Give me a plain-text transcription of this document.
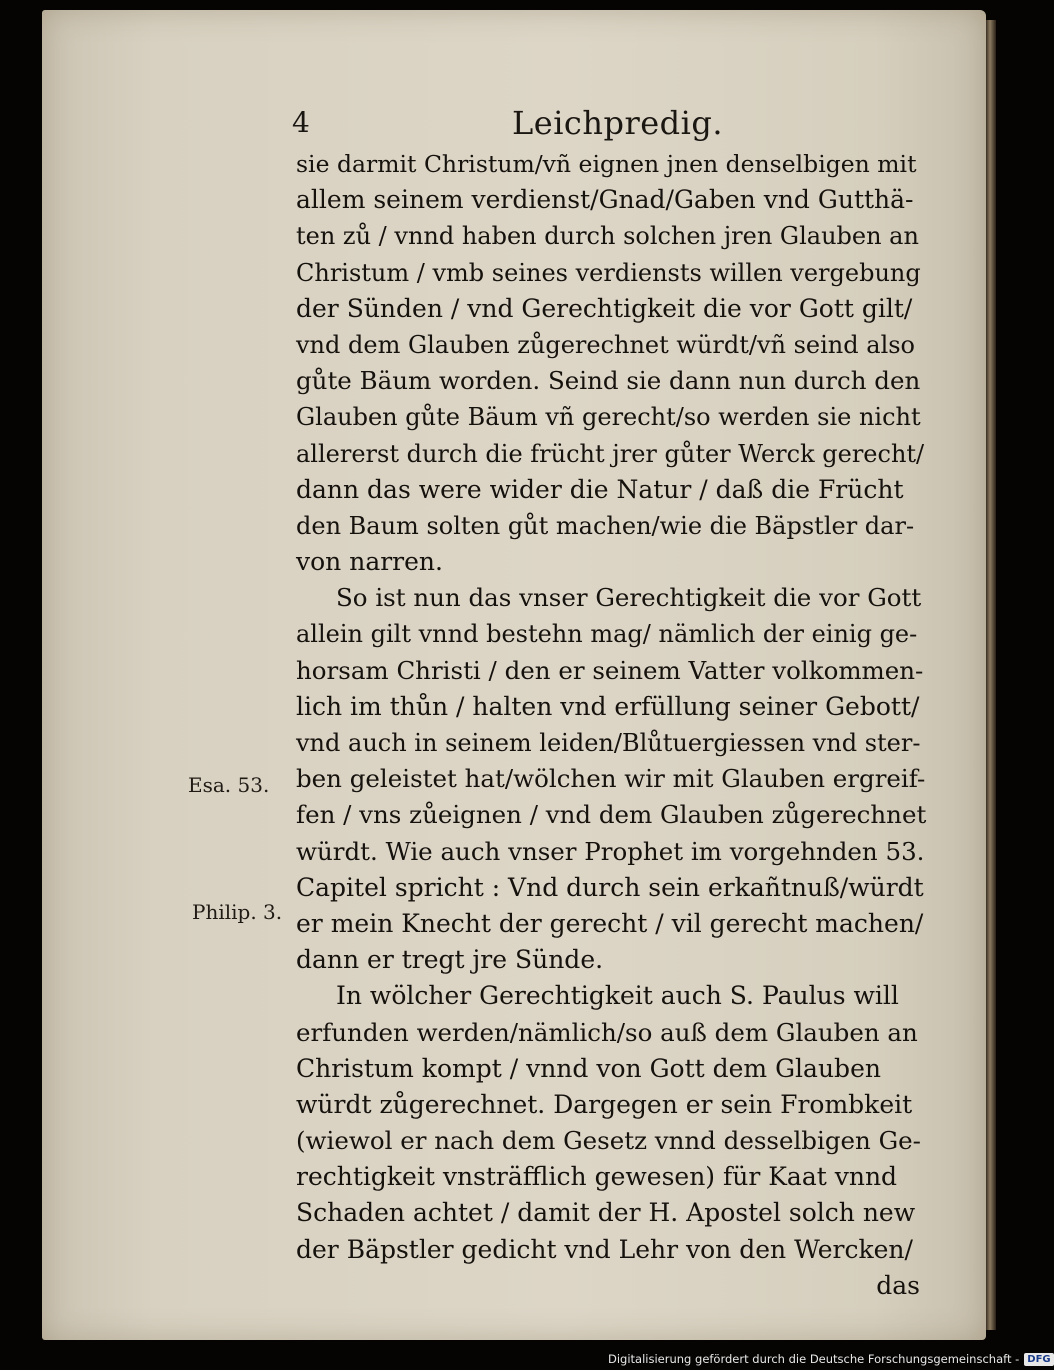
4	Leichpredig.
sie darmit Christum/vñ eignen jnen denselbigen mit
allem seinem verdienst/Gnad/Gaben vnd Gutthä-
ten zů / vnnd haben durch solchen jren Glauben an
Christum / vmb seines verdiensts willen vergebung
der Sünden / vnd Gerechtigkeit die vor Gott gilt/
vnd dem Glauben zůgerechnet würdt/vñ seind also
gůte Bäum worden. Seind sie dann nun durch den
Glauben gůte Bäum vñ gerecht/so werden sie nicht
allererst durch die frücht jrer gůter Werck gerecht/
dann das were wider die Natur / daß die Frücht
den Baum solten gůt machen/wie die Bäpstler dar-
von narren.
So ist nun das vnser Gerechtigkeit die vor Gott
allein gilt vnnd bestehn mag/ nämlich der einig ge-
horsam Christi / den er seinem Vatter volkommen-
lich im thůn / halten vnd erfüllung seiner Gebott/
vnd auch in seinem leiden/Blůtuergiessen vnd ster-
ben geleistet hat/wölchen wir mit Glauben ergreif-
fen / vns zůeignen / vnd dem Glauben zůgerechnet
würdt. Wie auch vnser Prophet im vorgehnden 53.
Capitel spricht : Vnd durch sein erkañtnuß/würdt
er mein Knecht der gerecht / vil gerecht machen/
dann er tregt jre Sünde.
In wölcher Gerechtigkeit auch S. Paulus will
erfunden werden/nämlich/so auß dem Glauben an
Christum kompt / vnnd von Gott dem Glauben
würdt zůgerechnet. Dargegen er sein Frombkeit
(wiewol er nach dem Gesetz vnnd desselbigen Ge-
rechtigkeit vnsträfflich gewesen) für Kaat vnnd
Schaden achtet / damit der H. Apostel solch new
der Bäpstler gedicht vnd Lehr von den Wercken/
das
Esa. 53.
Philip. 3.
Digitalisierung gefördert durch die Deutsche Forschungsgemeinschaft - DFG
